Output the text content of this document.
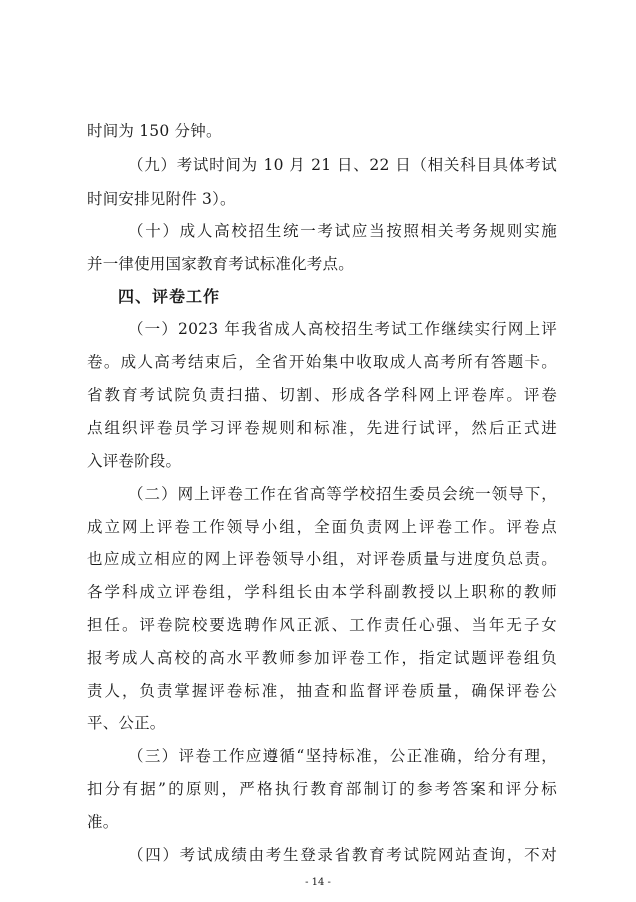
时间为 150 分钟。
（九）考试时间为 10 月 21 日、22 日（相关科目具体考试
时间安排见附件 3）。
（十）成人高校招生统一考试应当按照相关考务规则实施
并一律使用国家教育考试标准化考点。
四、评卷工作
（一）2023 年我省成人高校招生考试工作继续实行网上评
卷。成人高考结束后，全省开始集中收取成人高考所有答题卡。
省教育考试院负责扫描、切割、形成各学科网上评卷库。评卷
点组织评卷员学习评卷规则和标准，先进行试评，然后正式进
入评卷阶段。
（二）网上评卷工作在省高等学校招生委员会统一领导下，
成立网上评卷工作领导小组，全面负责网上评卷工作。评卷点
也应成立相应的网上评卷领导小组，对评卷质量与进度负总责。
各学科成立评卷组，学科组长由本学科副教授以上职称的教师
担任。评卷院校要选聘作风正派、工作责任心强、当年无子女
报考成人高校的高水平教师参加评卷工作，指定试题评卷组负
责人，负责掌握评卷标准，抽查和监督评卷质量，确保评卷公
平、公正。
（三）评卷工作应遵循“坚持标准，公正准确，给分有理，
扣分有据”的原则，严格执行教育部制订的参考答案和评分标
准。
（四）考试成绩由考生登录省教育考试院网站查询，不对
- 14 -
